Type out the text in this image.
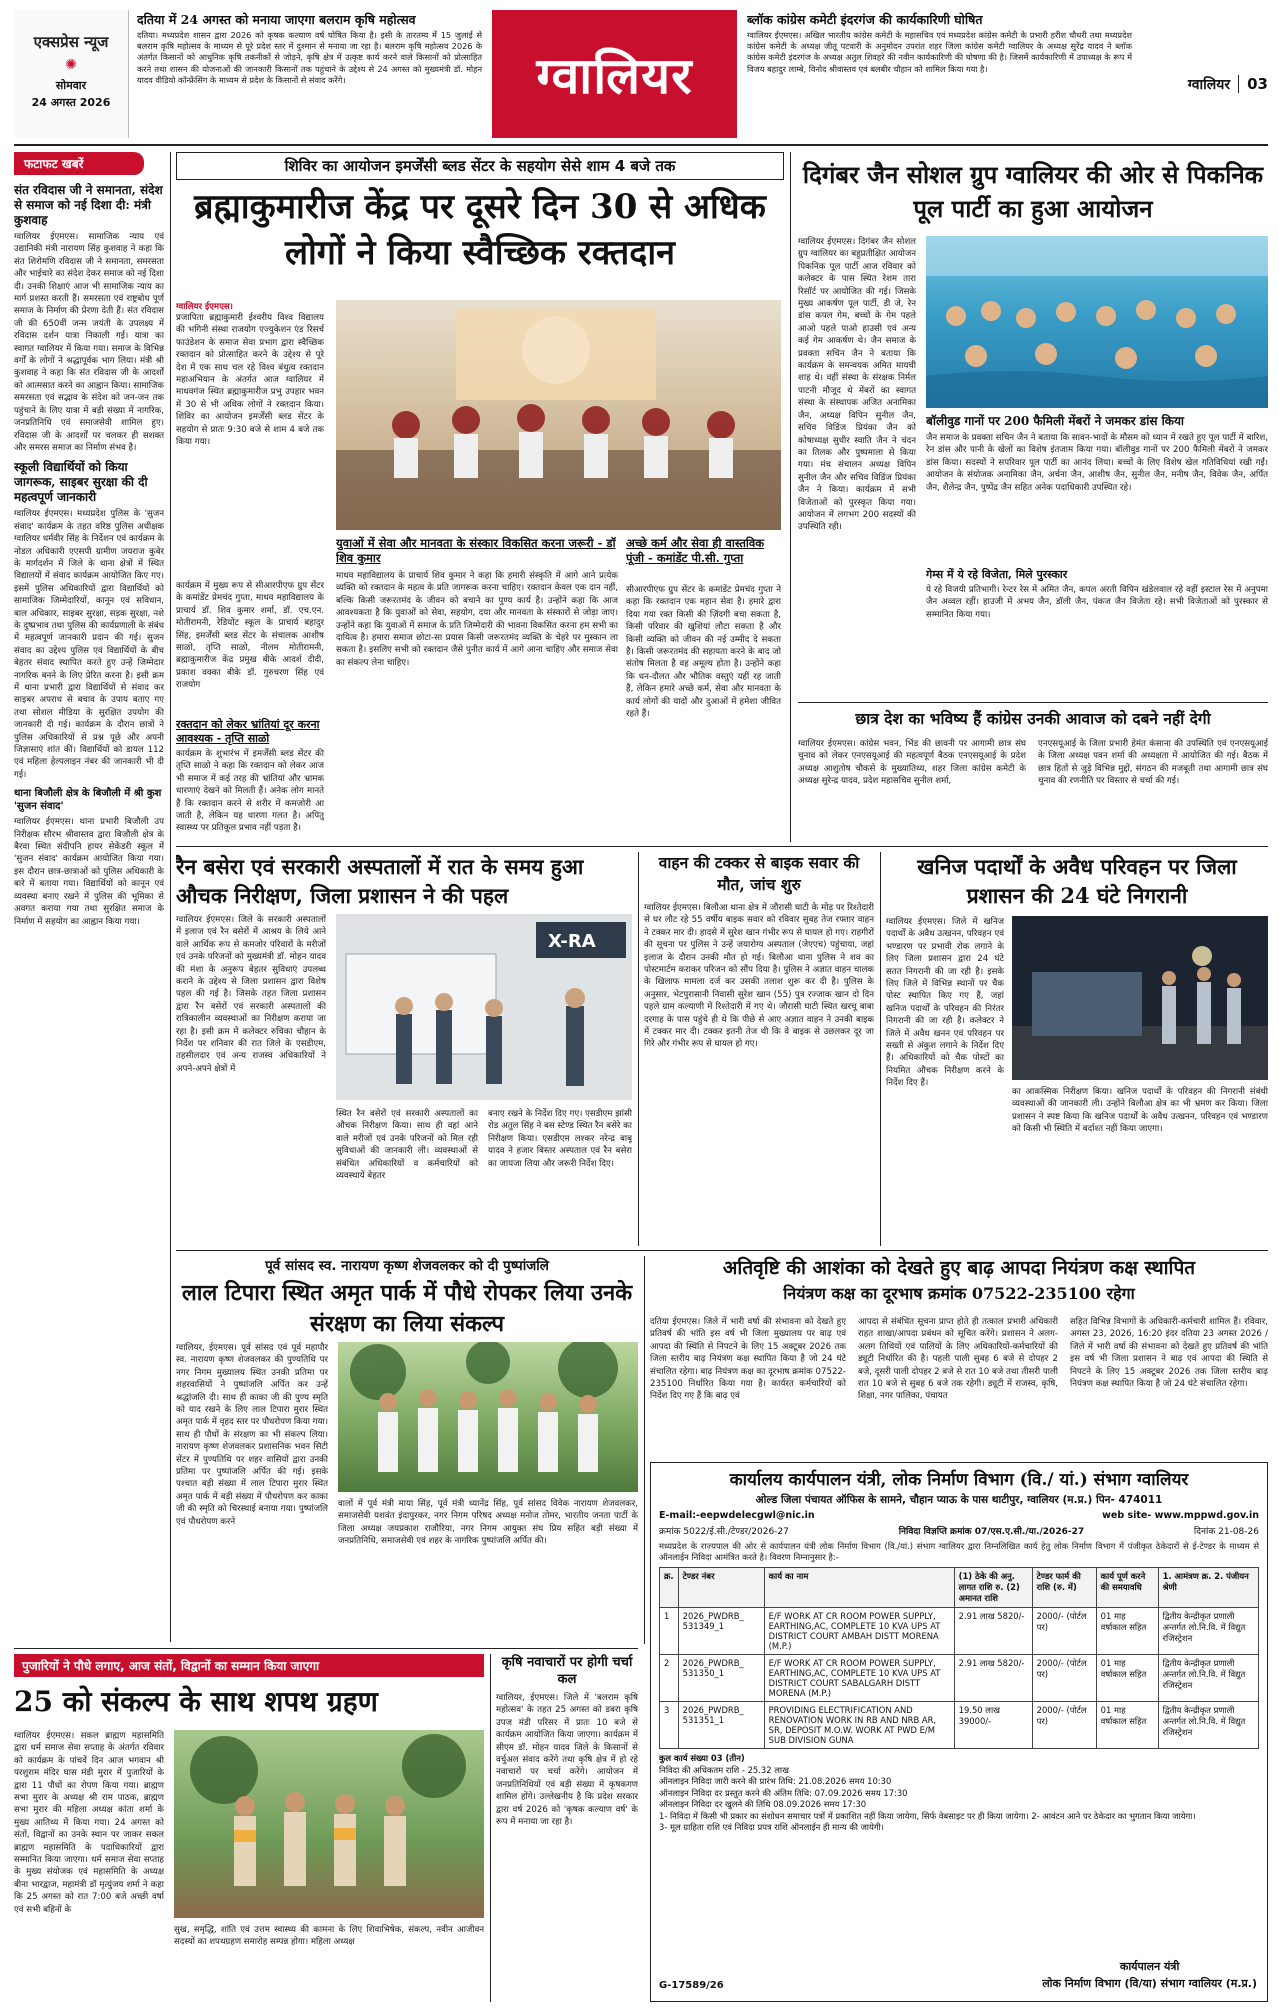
एक्सप्रेस न्यूज
✺
सोमवार
24 अगस्त 2026
दतिया में 24 अगस्त को मनाया जाएगा बलराम कृषि महोत्सव
दतिया। मध्यप्रदेश शासन द्वारा 2026 को कृषक कल्याण वर्ष घोषित किया है। इसी के तारतम्य में 15 जुलाई से बलराम कृषि महोत्सव के माध्यम से पूरे प्रदेश स्तर में दुश्मान से मनाया जा रहा है। बलराम कृषि महोत्सव 2026 के अंतर्गत किसानों को आधुनिक कृषि तकनीकों से जोड़ने, कृषि क्षेत्र में उत्कृष्ट कार्य करने वाले किसानों को प्रोत्साहित करने तथा शासन की योजनाओं की जानकारी किसानों तक पहुंचाने के उद्देश्य से 24 अगस्त को मुख्यमंत्री डॉ. मोहन यादव वीडियो कॉन्फ्रेंसिंग के माध्यम से प्रदेश के किसानों से संवाद करेंगे।	ग्वालियर
ब्लॉक कांग्रेस कमेटी इंदरगंज की कार्यकारिणी घोषित
ग्वालियर ईएमएस। अखिल भारतीय कांग्रेस कमेटी के महासचिव एवं मध्यप्रदेश कांग्रेस कमेटी के प्रभारी हरीश चौधरी तथा मध्यप्रदेश कांग्रेस कमेटी के अध्यक्ष जीतू पटवारी के अनुमोदन उपरांत शहर जिला कांग्रेस कमेटी ग्वालियर के अध्यक्ष सुरेंद्र यादव ने ब्लॉक कांग्रेस कमेटी इंदरगंज के अध्यक्ष अतुल शिवहरे की नवीन कार्यकारिणी की घोषणा की है। जिसमें कार्यकारिणी में उपाध्यक्ष के रूप में विजय बहादुर लाम्बे, विनोद श्रीवास्तव एवं बलबीर चौहान को शामिल किया गया है।
ग्वालियर 03
फटाफट खबरें
संत रविदास जी ने समानता, संदेश से समाज को नई दिशा दी: मंत्री कुशवाह
ग्वालियर ईएमएस। सामाजिक न्याय एवं उद्यानिकी मंत्री नारायण सिंह कुशवाह ने कहा कि संत शिरोमणि रविदास जी ने समानता, समरसता और भाईचारे का संदेश देकर समाज को नई दिशा दी। उनकी शिक्षाएं आज भी सामाजिक न्याय का मार्ग प्रशस्त करती हैं। समरसता एवं राष्ट्रबोध पूर्ण समाज के निर्माण की प्रेरणा देती हैं। संत रविदास जी की 650वीं जन्म जयंती के उपलक्ष्य में रविदास दर्शन यात्रा निकाली गई। यात्रा का स्वागत ग्वालियर में किया गया। समाज के विभिन्न वर्गों के लोगों ने श्रद्धापूर्वक भाग लिया। मंत्री श्री कुशवाह ने कहा कि संत रविदास जी के आदर्शों को आत्मसात करने का आह्वान किया। सामाजिक समरसता एवं सद्भाव के संदेश को जन-जन तक पहुंचाने के लिए यात्रा में बड़ी संख्या में नागरिक, जनप्रतिनिधि एवं समाजसेवी शामिल हुए। रविदास जी के आदर्शों पर चलकर ही सशक्त और समरस समाज का निर्माण संभव है।
स्कूली विद्यार्थियों को किया जागरूक, साइबर सुरक्षा की दी महत्वपूर्ण जानकारी
ग्वालियर ईएमएस। मध्यप्रदेश पुलिस के 'सुजन संवाद' कार्यक्रम के तहत वरिष्ठ पुलिस अधीक्षक ग्वालियर धर्मवीर सिंह के निर्देशन एवं कार्यक्रम के नोडल अधिकारी एएसपी ग्रामीण जयराज कुबेर के मार्गदर्शन में जिले के थाना क्षेत्रों में स्थित विद्यालयों में संवाद कार्यक्रम आयोजित किए गए। इसमें पुलिस अधिकारियों द्वारा विद्यार्थियों को सामाजिक जिम्मेदारियों, कानून एवं सविधान, बाल अधिकार, साइबर सुरक्षा, सड़क सुरक्षा, नशे के दुष्प्रभाव तथा पुलिस की कार्यप्रणाली के संबंध में महत्वपूर्ण जानकारी प्रदान की गई। सुजन संवाद का उद्देश्य पुलिस एवं विद्यार्थियों के बीच बेहतर संवाद स्थापित करते हुए उन्हें जिम्मेदार नागरिक बनने के लिए प्रेरित करना है। इसी क्रम में थाना प्रभारी द्वारा विद्यार्थियों से संवाद कर साइबर अपराध से बचाव के उपाय बताए गए तथा सोशल मीडिया के सुरक्षित उपयोग की जानकारी दी गई। कार्यक्रम के दौरान छात्रों ने पुलिस अधिकारियों से प्रश्न पूछे और अपनी जिज्ञासाएं शांत कीं। विद्यार्थियों को डायल 112 एवं महिला हेल्पलाइन नंबर की जानकारी भी दी गई।
थाना बिजौली क्षेत्र के बिजौली में श्री कुश 'सुजन संवाद'
ग्वालियर ईएमएस। थाना प्रभारी बिजौली उप निरीक्षक सौरभ श्रीवास्तव द्वारा बिजौली क्षेत्र के बैरवा स्थित संदीपनि हायर सेकेंडरी स्कूल में 'सुजन संवाद' कार्यक्रम आयोजित किया गया। इस दौरान छात्र-छात्राओं को पुलिस अधिकारी के बारे में बताया गया। विद्यार्थियों को कानून एवं व्यवस्था बनाए रखने में पुलिस की भूमिका से अवगत कराया गया तथा सुरक्षित समाज के निर्माण में सहयोग का आह्वान किया गया।
शिविर का आयोजन इमर्जेंसी ब्लड सेंटर के सहयोग सेसे शाम 4 बजे तक
ब्रह्माकुमारीज केंद्र पर दूसरे दिन 30 से अधिक लोगों ने किया स्वैच्छिक रक्तदान
ग्वालियर ईएमएस।
प्रजापिता ब्रह्माकुमारी ईश्वरीय विश्व विद्यालय की भगिनी संस्था राजयोग एज्युकेशन एंड रिसर्च फाउंडेशन के समाज सेवा प्रभाग द्वारा स्वैच्छिक रक्तदान को प्रोत्साहित करने के उद्देश्य से पूरे देश में एक साथ चल रहे विश्व बंधुत्व रक्तदान महाअभियान के अंतर्गत आज ग्वालियर में माधवगंज स्थित ब्रह्माकुमारीज प्रभु उपहार भवन में 30 से भी अधिक लोगों ने रक्तदान किया। शिविर का आयोजन इमर्जेंसी ब्लड सेंटर के सहयोग से प्रातः 9:30 बजे से शाम 4 बजे तक किया गया।
कार्यक्रम में मुख्य रूप से सीआरपीएफ ग्रुप सेंटर के कमांडेंट प्रेमचंद गुप्ता, माधव महाविद्यालय के प्राचार्य डॉ. शिव कुमार शर्मा, डॉ. एच.एन. मोतीरामनी, रेडियोंट स्कूल के प्राचार्य बहादुर सिंह, इमर्जेंसी ब्लड सेंटर के संचालक आशीष साळो, तृप्ति साळो, नीलम मोतीरामनी, ब्रह्माकुमारीज केंद्र प्रमुख बीके आदर्श दीदी, प्रकाश वक्का बीके डॉ. गुरुचरण सिंह एवं राजयोग
रक्तदान को लेकर भ्रांतियां दूर करना आवश्यक - तृप्ति साळो
कार्यक्रम के शुभारंभ में इमर्जेंसी ब्लड सेंटर की तृप्ति साळो ने कहा कि रक्तदान को लेकर आज भी समाज में कई तरह की भ्रांतियां और भ्रामक धारणाएं देखने को मिलती हैं। अनेक लोग मानते हैं कि रक्तदान करने से शरीर में कमजोरी आ जाती है, लेकिन यह धारणा गलत है। अपितु स्वास्थ्य पर प्रतिकूल प्रभाव नहीं पड़ता है।
युवाओं में सेवा और मानवता के संस्कार विकसित करना जरूरी - डॉ शिव कुमार
माधव महाविद्यालय के प्राचार्य शिव कुमार ने कहा कि हमारी संस्कृति में आगे आने प्रत्येक व्यक्ति को रक्तदान के महत्व के प्रति जागरूक करना चाहिए। रक्तदान केवल एक दान नहीं, बल्कि किसी जरूरतमंद के जीवन को बचाने का पुण्य कार्य है। उन्होंने कहा कि आज आवश्यकता है कि युवाओं को सेवा, सहयोग, दया और मानवता के संस्कारों से जोड़ा जाए। उन्होंने कहा कि युवाओं में समाज के प्रति जिम्मेदारी की भावना विकसित करना हम सभी का दायित्व है। हमारा समाज छोटा-सा प्रयास किसी जरूरतमंद व्यक्ति के चेहरे पर मुस्कान ला सकता है। इसलिए सभी को रक्तदान जैसे पुनीत कार्य में आगे आना चाहिए और समाज सेवा का संकल्प लेना चाहिए।
अच्छे कर्म और सेवा ही वास्तविक पूंजी - कमांडेंट पी.सी. गुप्ता
सीआरपीएफ ग्रुप सेंटर के कमांडेंट प्रेमचंद गुप्ता ने कहा कि रक्तदान एक महान सेवा है। हमारे द्वारा दिया गया रक्त किसी की ज़िंदगी बचा सकता है, किसी परिवार की खुशियां लौटा सकता है और किसी व्यक्ति को जीवन की नई उम्मीद दे सकता है। किसी जरूरतमंद की सहायता करने के बाद जो संतोष मिलता है वह अमूल्य होता है। उन्होंने कहा कि धन-दौलत और भौतिक वस्तुएं यहीं रह जाती हैं, लेकिन हमारे अच्छे कर्म, सेवा और मानवता के कार्य लोगों की यादों और दुआओं में हमेशा जीवित रहते हैं।
दिगंबर जैन सोशल ग्रुप ग्वालियर की ओर से पिकनिक पूल पार्टी का हुआ आयोजन
ग्वालियर ईएमएस। दिगंबर जैन सोशल ग्रुप ग्वालियर का बहुप्रतीक्षित आयोजन पिकनिक पूल पार्टी आज रविवार को कलेक्टर के पास स्थित रेशम तारा रिसॉर्ट पर आयोजित की गई। जिसके मुख्य आकर्षण पूल पार्टी, डी जे, रेन डांस कपल गेम, बच्चों के गेम पहले आओ पहले पाओ हाउसी एवं अन्य कई गेम आकर्षण थे। जैन समाज के प्रवक्ता सचिन जैन ने बताया कि कार्यक्रम के समन्वयक अमित मायची शाह थे। वहीं संस्था के संरक्षक निर्मल पाटनी मौजूद थे मेंबरों का स्वागत संस्था के संस्थापक अजित अनामिका जैन, अध्यक्ष विपिन सुनील जैन, सचिव विडिंज प्रियंका जैन को कोषाध्यक्ष सुधीर स्वाति जैन ने चंदन का तिलक और पुष्पमाला से किया गया। मंच संचालन अध्यक्ष विपिन सुनील जैन और सचिव विडिंज प्रियंका जैन ने किया। कार्यक्रम में सभी विजेताओं को पुरस्कृत किया गया। आयोजन में लगभग 200 सदस्यों की उपस्थिति रही।
बॉलीवुड गानों पर 200 फैमिली मेंबरों ने जमकर डांस किया
जैन समाज के प्रवक्ता सचिन जैन ने बताया कि सावन-भादों के मौसम को ध्यान में रखते हुए पूल पार्टी में बारिश, रेन डांस और पानी के खेलों का विशेष इंतजाम किया गया। बॉलीवुड गानों पर 200 फैमिली मेंबरों ने जमकर डांस किया। सदस्यों ने सपरिवार पूल पार्टी का आनंद लिया। बच्चों के लिए विशेष खेल गतिविधियां रखी गईं। आयोजन के संयोजक अनामिका जैन, अर्चना जैन, आशीष जैन, सुनील जैन, मनीष जैन, विवेक जैन, अर्पित जैन, शैलेन्द्र जैन, पुष्पेंद्र जैन सहित अनेक पदाधिकारी उपस्थित रहे।
गेम्स में ये रहे विजेता, मिले पुरस्कार
ये रहे विजयी प्रतिभागी। रेन्टर रेस में अमित जैन, कपल अरती विपिन खंडेलवाल रहे वहीं इस्टाल रेस में अनुपमा जैन अव्वल रहीं। हाउजी में अभय जैन, डॉली जैन, पंकज जैन विजेता रहे। सभी विजेताओं को पुरस्कार से सम्मानित किया गया।
छात्र देश का भविष्य हैं कांग्रेस उनकी आवाज को दबने नहीं देगी
ग्वालियर ईएमएस। कांग्रेस भवन, भिंड की छावनी पर आगामी छात्र संघ चुनाव को लेकर एनएसयूआई की महत्वपूर्ण बैठक एनएसयूआई के प्रदेश अध्यक्ष आशुतोष चौकसे के मुख्यातिथ्य, शहर जिला कांग्रेस कमेटी के अध्यक्ष सुरेन्द्र यादव, प्रदेश महासचिव सुनील शर्मा,
एनएसयूआई के जिला प्रभारी हेमंत कंसाना की उपस्थिति एवं एनएसयूआई के जिला अध्यक्ष पवन शर्मा की अध्यक्षता में आयोजित की गई। बैठक में छात्र हितों से जुड़े विभिन्न मुद्दों, संगठन की मजबूती तथा आगामी छात्र संघ चुनाव की रणनीति पर विस्तार से चर्चा की गई।
रैन बसेरा एवं सरकारी अस्पतालों में रात के समय हुआ औचक निरीक्षण, जिला प्रशासन ने की पहल
ग्वालियर ईएमएस। जिले के सरकारी अस्पतालों में इलाज एवं रैन बसेरों में आश्रय के लिये आने वाले आर्थिक रूप से कमजोर परिवारों के मरीजों एवं उनके परिजनों को मुख्यमंत्री डॉ. मोहन यादव की मंशा के अनुरूप बेहतर सुविधाएं उपलब्ध कराने के उद्देश्य से जिला प्रशासन द्वारा विशेष पहल की गई है। जिसके तहत जिला प्रशासन द्वारा रैन बसेरों एवं सरकारी अस्पतालों की रात्रिकालीन व्यवस्थाओं का निरीक्षण कराया जा रहा है। इसी क्रम में कलेक्टर रुचिका चौहान के निर्देश पर शनिवार की रात जिले के एसडीएम, तहसीलदार एवं अन्य राजस्व अधिकारियों ने अपने-अपने क्षेत्रों में
X-RA
स्थित रैन बसेरों एवं सरकारी अस्पतालों का औचक निरीक्षण किया। साथ ही वहां आने वाले मरीजों एवं उनके परिजनों को मिल रही सुविधाओं की जानकारी ली। व्यवस्थाओं से संबंधित अधिकारियों व कर्मचारियों को व्यवस्थायें बेहतर
बनाए रखने के निर्देश दिए गए। एसडीएम झांसी रोड अतुल सिंह ने बस स्टेण्ड स्थित रैन बसेरे का निरीक्षण किया। एसडीएम लश्कर नरेन्द्र बाबू यादव ने हजार बिस्तर अस्पताल एवं रैन बसेरा का जायजा लिया और जरूरी निर्देश दिए।
वाहन की टक्कर से बाइक सवार की मौत, जांच शुरु
ग्वालियर ईएमएस। बिलौआ थाना क्षेत्र में जौरासी घाटी के मोड़ पर रिश्तेदारी से घर लौट रहे 55 वर्षीय बाइक सवार को रविवार सुबह तेज रफ्तार वाहन ने टक्कर मार दी। हादसे में सुरेश खान गंभीर रूप से घायल हो गए। राहगीरों की सूचना पर पुलिस ने उन्हें जयारोग्य अस्पताल (जेएएच) पहुंचाया, जहां इलाज के दौरान उनकी मौत हो गई। बिलौआ थाना पुलिस ने शव का पोस्टमार्टम कराकर परिजन को सौंप दिया है। पुलिस ने अज्ञात वाहन चालक के खिलाफ मामला दर्ज कर उसकी तलाश शुरू कर दी है। पुलिस के अनुसार, भेटपुरासानी निवासी सुरेश खान (55) पुत्र रज्जाक खान दो दिन पहले ग्राम कल्याणी में रिश्तेदारी में गए थे। जौरासी घाटी स्थित खरचू बाबा दरगाह के पास पहुंचे ही थे कि पीछे से आए अज्ञात वाहन ने उनकी बाइक में टक्कर मार दी। टक्कर इतनी तेज थी कि वे बाइक से उछलकर दूर जा गिरे और गंभीर रूप से घायल हो गए।
खनिज पदार्थों के अवैध परिवहन पर जिला प्रशासन की 24 घंटे निगरानी
ग्वालियर ईएमएस। जिले में खनिज पदार्थों के अवैध उत्खनन, परिवहन एवं भण्डारण पर प्रभावी रोक लगाने के लिए जिला प्रशासन द्वारा 24 घंटे सतत निगरानी की जा रही है। इसके लिए जिले में विभिन्न स्थानों पर चैक पोस्ट स्थापित किए गए हैं, जहां खनिज पदार्थों के परिवहन की निरंतर निगरानी की जा रही है। कलेक्टर ने जिले में अवैध खनन एवं परिवहन पर सख्ती से अंकुश लगाने के निर्देश दिए हैं। अधिकारियों को चैक पोस्टों का नियमित औचक निरीक्षण करने के निर्देश दिए हैं।
का आकस्मिक निरीक्षण किया। खनिज पदार्थों के परिवहन की निगरानी संबंधी व्यवस्थाओं की जानकारी ली। उन्होंने बिलौआ क्षेत्र का भी भ्रमण कर किया। जिला प्रशासन ने स्पष्ट किया कि खनिज पदार्थों के अवैध उत्खनन, परिवहन एवं भण्डारण को किसी भी स्थिति में बर्दाश्त नहीं किया जाएगा।
पूर्व सांसद स्व. नारायण कृष्ण शेजवलकर को दी पुष्पांजलि
लाल टिपारा स्थित अमृत पार्क में पौधे रोपकर लिया उनके संरक्षण का लिया संकल्प
ग्वालियर, ईएमएस। पूर्व सांसद एवं पूर्व महापौर स्व. नारायण कृष्ण शेजवलकर की पुण्यतिथि पर नगर निगम मुख्यालय स्थित उनकी प्रतिमा पर शहरवासियों ने पुष्पांजलि अर्पित कर उन्हें श्रद्धांजलि दी। साथ ही काका जी की पुण्य स्मृति को याद रखने के लिए लाल टिपारा मुरार स्थित अमृत पार्क में वृहद स्तर पर पौधरोपण किया गया। साथ ही पौधों के संरक्षण का भी संकल्प लिया। नारायण कृष्ण शेजवलकर प्रशासनिक भवन सिटी सेंटर में पुण्यतिथि पर शहर वासियों द्वारा उनकी प्रतिमा पर पुष्पांजलि अर्पित की गई। इसके पश्चात बड़ी संख्या में लाल टिपारा मुरार स्थित अमृत पार्क में बड़ी संख्या में पौधरोपण कर काका जी की स्मृति को चिरस्थाई बनाया गया। पुष्पांजलि एवं पौधरोपण करने
वालों में पूर्व मंत्री माया सिंह, पूर्व मंत्री ध्यानेंद्र सिंह, पूर्व सांसद विवेक नारायण शेजवलकर, समाजसेवी यशवंत इंदापुरकर, नगर निगम परिषद अध्यक्ष मनोज तोमर, भारतीय जनता पार्टी के जिला अध्यक्ष जयप्रकाश राजौरिया, नगर निगम आयुक्त संघ प्रिय सहित बड़ी संख्या में जनप्रतिनिधि, समाजसेवी एवं शहर के नागरिक पुष्पांजलि अर्पित की।
अतिवृष्टि की आशंका को देखते हुए बाढ़ आपदा नियंत्रण कक्ष स्थापित
नियंत्रण कक्ष का दूरभाष क्रमांक 07522-235100 रहेगा
दतिया ईएमएस। जिले में भारी वर्षा की संभावना को देखते हुए प्रतिवर्ष की भांति इस वर्ष भी जिला मुख्यालय पर बाढ़ एवं आपदा की स्थिति से निपटने के लिए 15 अक्टूबर 2026 तक जिला स्तरीय बाढ़ नियंत्रण कक्ष स्थापित किया है जो 24 घंटे संचालित रहेगा। बाढ़ नियंत्रण कक्ष का दूरभाष क्रमांक 07522-235100 निर्धारित किया गया है। कार्यरत कर्मचारियों को निर्देश दिए गए हैं कि बाढ़ एवं
आपदा से संबंधित सूचना प्राप्त होते ही तत्काल प्रभारी अधिकारी राहत शाखा/आपदा प्रबंधन को सूचित करेंगे। प्रशासन ने अलग-अलग तिथियों एवं पालियों के लिए अधिकारियों-कर्मचारियों की ड्यूटी निर्धारित की है। पहली पाली सुबह 6 बजे से दोपहर 2 बजे, दूसरी पाली दोपहर 2 बजे से रात 10 बजे तथा तीसरी पाली रात 10 बजे से सुबह 6 बजे तक रहेगी। ड्यूटी में राजस्व, कृषि, शिक्षा, नगर पालिका, पंचायत
सहित विभिन्न विभागों के अधिकारी-कर्मचारी शामिल हैं। रविवार, अगस्त 23, 2026, 16:20 इंदर दतिया 23 अगस्त 2026 / जिले में भारी वर्षा की संभावना को देखते हुए प्रतिवर्ष की भांति इस वर्ष भी जिला प्रशासन ने बाढ़ एवं आपदा की स्थिति से निपटने के लिए 15 अक्टूबर 2026 तक जिला स्तरीय बाढ़ नियंत्रण कक्ष स्थापित किया है जो 24 घंटे संचालित रहेगा।
कार्यालय कार्यपालन यंत्री, लोक निर्माण विभाग (वि./ यां.) संभाग ग्वालियर
ओल्ड जिला पंचायत ऑफिस के सामने, चौहान प्याऊ के पास थाटीपुर, ग्वालियर (म.प्र.) पिन- 474011
E-mail:-eepwdelecgwl@nic.in	web site- www.mppwd.gov.in
क्रमांक 5022/ई.सी./टेण्डर/2026-27	निविदा विज्ञप्ति क्रमांक 07/एस.ए.सी./या./2026-27	दिनांक 21-08-26
मध्यप्रदेश के राज्यपाल की ओर से कार्यपालन यंत्री लोक निर्माण विभाग (वि./यां.) संभाग ग्वालियर द्वारा निम्नलिखित कार्य हेतु लोक निर्माण विभाग में पंजीकृत ठेकेदारों से ई-टेण्डर के माध्यम से ऑनलाईन निविदा आमंत्रित करते है। विवरण निम्नानुसार है:-
क्र.	टेण्डर नंबर	कार्य का नाम	(1) ठेके की अनु. लागत राशि रु. (2) अमानत राशि	टेण्डर फार्म की राशि (रु. में)	कार्य पूर्ण करने की समयावधि	1. आमंत्रण क्र. 2. पंजीयन श्रेणी
1	2026_PWDRB_ 531349_1	E/F WORK AT CR ROOM POWER SUPPLY, EARTHING,AC, COMPLETE 10 KVA UPS AT DISTRICT COURT AMBAH DISTT MORENA (M.P.)	2.91 लाख 5820/-	2000/- (पोर्टल पर)	01 माह वर्षाकाल सहित	द्वितीय केन्द्रीकृत प्रणाली अन्तर्गत लो.नि.वि. में विद्युत रजिस्ट्रेशन
2	2026_PWDRB_ 531350_1	E/F WORK AT CR ROOM POWER SUPPLY, EARTHING,AC, COMPLETE 10 KVA UPS AT DISTRICT COURT SABALGARH DISTT MORENA (M.P.)	2.91 लाख 5820/-	2000/- (पोर्टल पर)	01 माह वर्षाकाल सहित	द्वितीय केन्द्रीकृत प्रणाली अन्तर्गत लो.नि.वि. में विद्युत रजिस्ट्रेशन
3	2026_PWDRB_ 531351_1	PROVIDING ELECTRIFICATION AND RENOVATION WORK IN RB AND NRB AR, SR, DEPOSIT M.O.W. WORK AT PWD E/M SUB DIVISION GUNA	19.50 लाख 39000/-	2000/- (पोर्टल पर)	01 माह वर्षाकाल सहित	द्वितीय केन्द्रीकृत प्रणाली अन्तर्गत लो.नि.वि. में विद्युत रजिस्ट्रेशन
कुल कार्य संख्या 03 (तीन)
निविदा की अधिकतम राशि - 25.32 लाख
ऑनलाइन निविदा जारी करने की प्रारंभ तिथि: 21.08.2026 समय 10:30
ऑनलाइन निविदा दर प्रस्तुत करने की अंतिम तिथि: 07.09.2026 समय 17:30
ऑनलाइन निविदा दर खुलने की तिथि 08.09.2026 समय 17:30
1- निविदा में किसी भी प्रकार का संशोधन समाचार पत्रों में प्रकाशित नहीं किया जायेगा, सिर्फ वेबसाइट पर ही किया जायेगा। 2- आवंटन आने पर ठेकेदार का भुगतान किया जायेगा।
3- मूल ग्राहिता राशि एवं निविदा प्रपत्र राशि ऑनलाईन ही मान्य की जायेगी।
कार्यपालन यंत्री
लोक निर्माण विभाग (वि/या) संभाग ग्वालियर (म.प्र.)
G-17589/26
पुजारियों ने पौधे लगाए, आज संतों, विद्वानों का सम्मान किया जाएगा
25 को संकल्प के साथ शपथ ग्रहण
ग्वालियर ईएमएस। सकल ब्राह्मण महासमिति द्वारा धर्म समाज सेवा सप्ताह के अंतर्गत रविवार को कार्यक्रम के पांचवें दिन आज भगवान श्री परशुराम मंदिर घास मंडी मुरार में पुजारियों के द्वारा 11 पौधों का रोपण किया गया। ब्राह्मण सभा मुरार के अध्यक्ष श्री राम पाठक, ब्राह्मण सभा मुरार की महिला अध्यक्ष कांता शर्मा के मुख्य आतिथ्य में किया गया। 24 अगस्त को संतों, विद्वानों का उनके स्थान पर जाकर सकल ब्राह्मण महासमिति के पदाधिकारियों द्वारा सम्मानित किया जाएगा। धर्म समाज सेवा सप्ताह के मुख्य संयोजक एवं महासमिति के अध्यक्ष बीना भारद्वाज, महामंत्री डॉ मृत्युंजय शर्मा ने कहा कि 25 अगस्त को रात 7:00 बजे अच्छी वर्षा एवं सभी बहिनों के
सुख, समृद्धि, शांति एवं उत्तम स्वास्थ्य की कामना के लिए शिवाभिषेक, संकल्प, नवीन आजीवन सदस्यों का शपथग्रहण समारोह सम्पन्न होगा। महिला अध्यक्ष
कृषि नवाचारों पर होगी चर्चा कल
ग्वालियर, ईएमएस। जिले में 'बलराम कृषि महोत्सव' के तहत 25 अगस्त को डबरा कृषि उपज मंडी परिसर में प्रातः 10 बजे से कार्यक्रम आयोजित किया जाएगा। कार्यक्रम में सीएम डॉ. मोहन यादव जिले के किसानों से वर्चुअल संवाद करेंगे तथा कृषि क्षेत्र में हो रहे नवाचारों पर चर्चा करेंगे। आयोजन में जनप्रतिनिधियों एवं बड़ी संख्या में कृषकगण शामिल होंगे। उल्लेखनीय है कि प्रदेश सरकार द्वारा वर्ष 2026 को 'कृषक कल्याण वर्ष' के रूप में मनाया जा रहा है।
